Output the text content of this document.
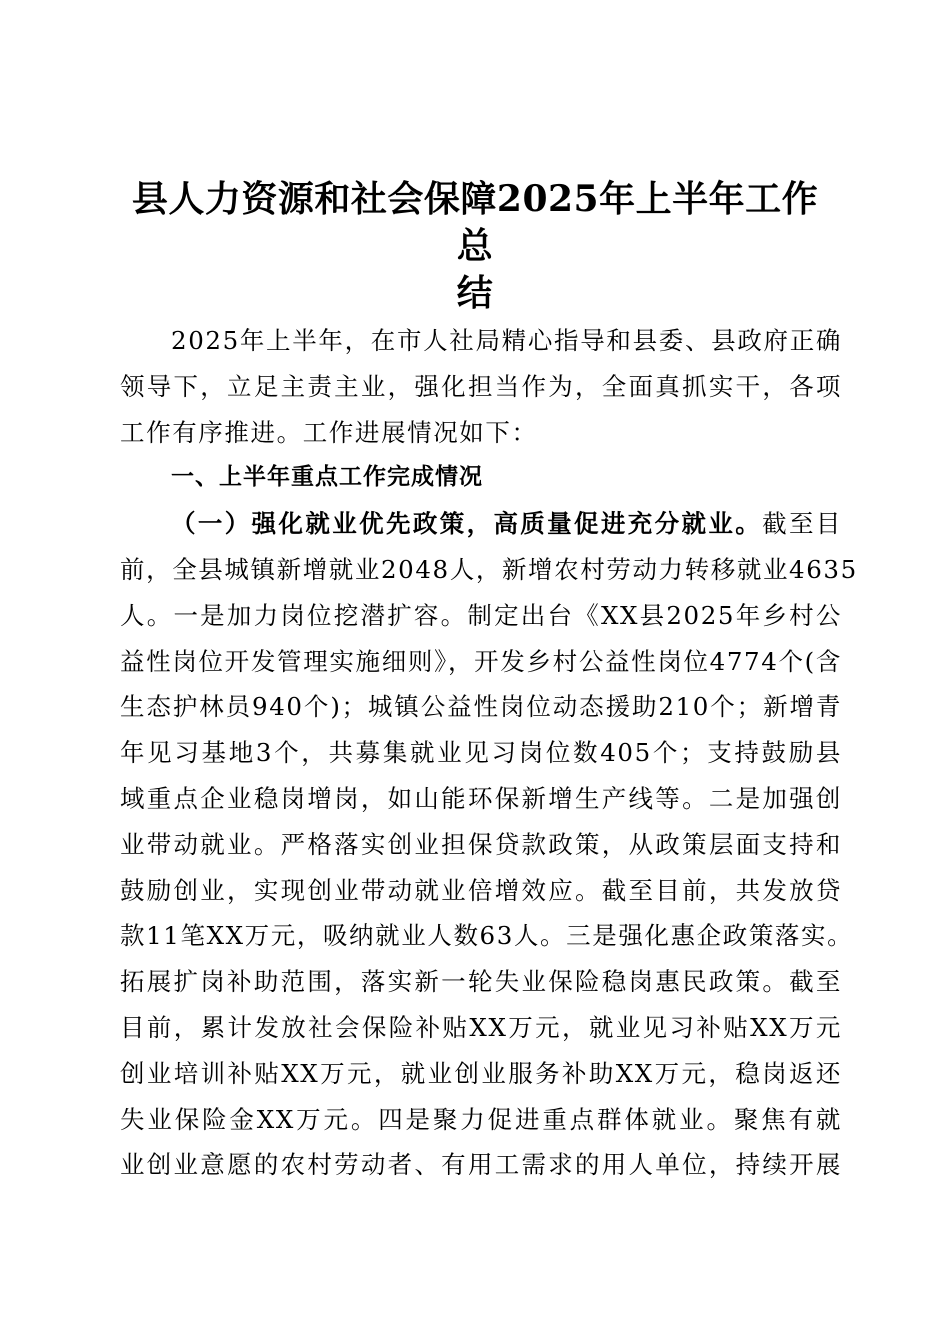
县人力资源和社会保障2025年上半年工作总
结
2025年上半年，在市人社局精心指导和县委、县政府正确
领导下，立足主责主业，强化担当作为，全面真抓实干，各项
工作有序推进。工作进展情况如下：
一、上半年重点工作完成情况
（一）强化就业优先政策，高质量促进充分就业。截至目
前，全县城镇新增就业2048人，新增农村劳动力转移就业4635
人。一是加力岗位挖潜扩容。制定出台《XX县2025年乡村公
益性岗位开发管理实施细则》，开发乡村公益性岗位4774个(含
生态护林员940个)；城镇公益性岗位动态援助210个；新增青
年见习基地3个，共募集就业见习岗位数405个；支持鼓励县
域重点企业稳岗增岗，如山能环保新增生产线等。二是加强创
业带动就业。严格落实创业担保贷款政策，从政策层面支持和
鼓励创业，实现创业带动就业倍增效应。截至目前，共发放贷
款11笔XX万元，吸纳就业人数63人。三是强化惠企政策落实。
拓展扩岗补助范围，落实新一轮失业保险稳岗惠民政策。截至
目前，累计发放社会保险补贴XX万元，就业见习补贴XX万元
创业培训补贴XX万元，就业创业服务补助XX万元，稳岗返还
失业保险金XX万元。四是聚力促进重点群体就业。聚焦有就
业创业意愿的农村劳动者、有用工需求的用人单位，持续开展
